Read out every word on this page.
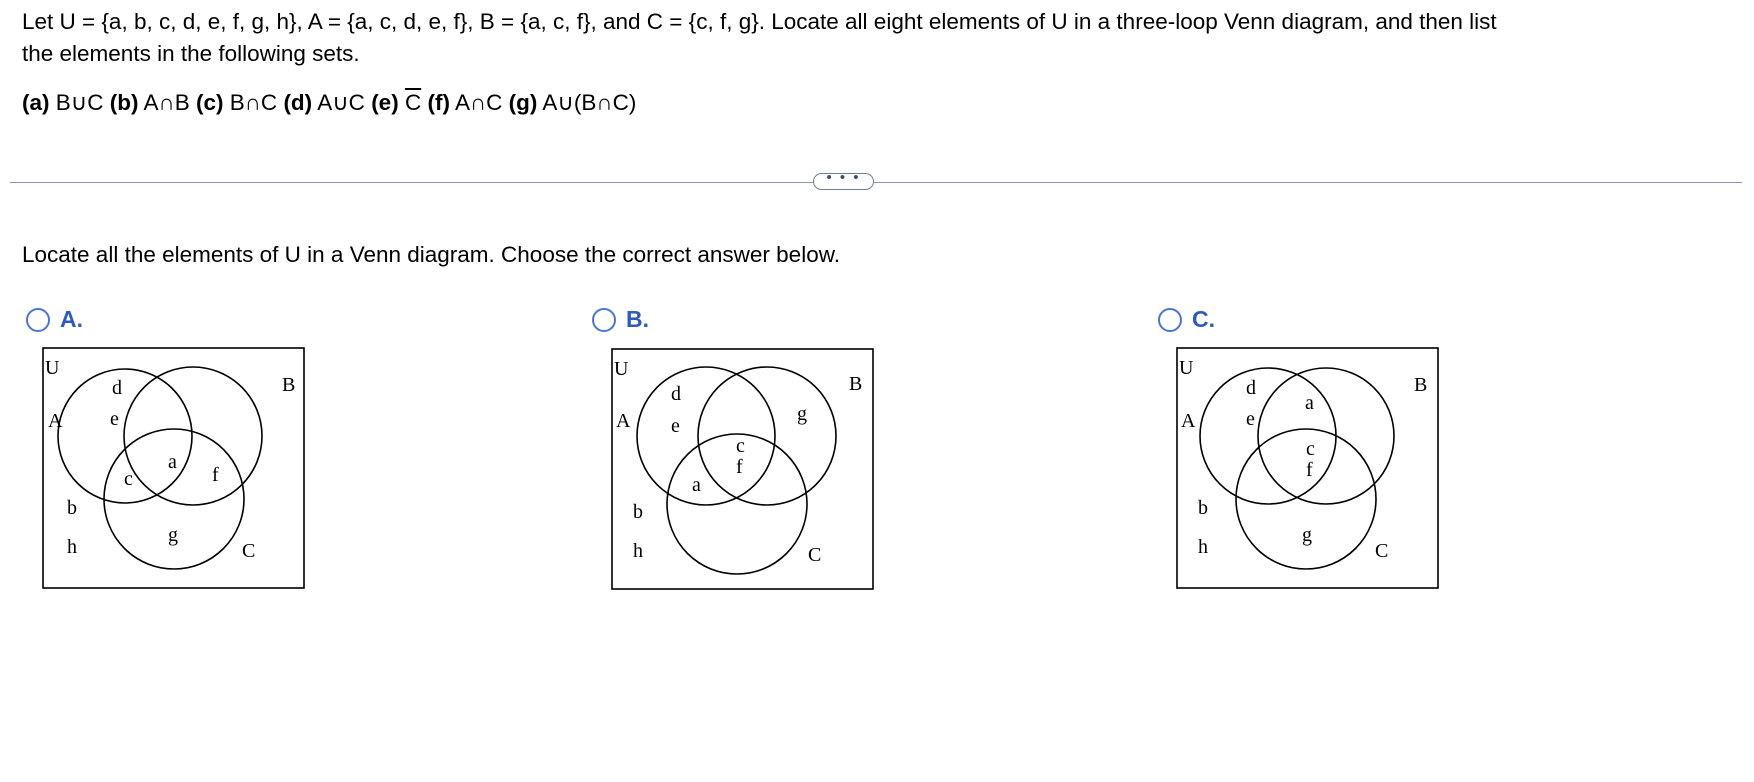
Let U = {a, b, c, d, e, f, g, h}, A = {a, c, d, e, f}, B = {a, c, f}, and C = {c, f, g}. Locate all eight elements of U in a three-loop Venn diagram, and then list
the elements in the following sets.
(a) B∪C (b) A∩B (c) B∩C (d) A∪C (e) $\overline{C}$ (f) A∩C (g) A∪(B∩C)
• • •
Locate all the elements of U in a Venn diagram. Choose the correct answer below.
A.
U
A
B
C
d
e
c
a
f
g
b
h
B.
U
A
B
C
d
e
g
c
f
a
b
h
C.
U
A
B
C
d
e
a
c
f
g
b
h
